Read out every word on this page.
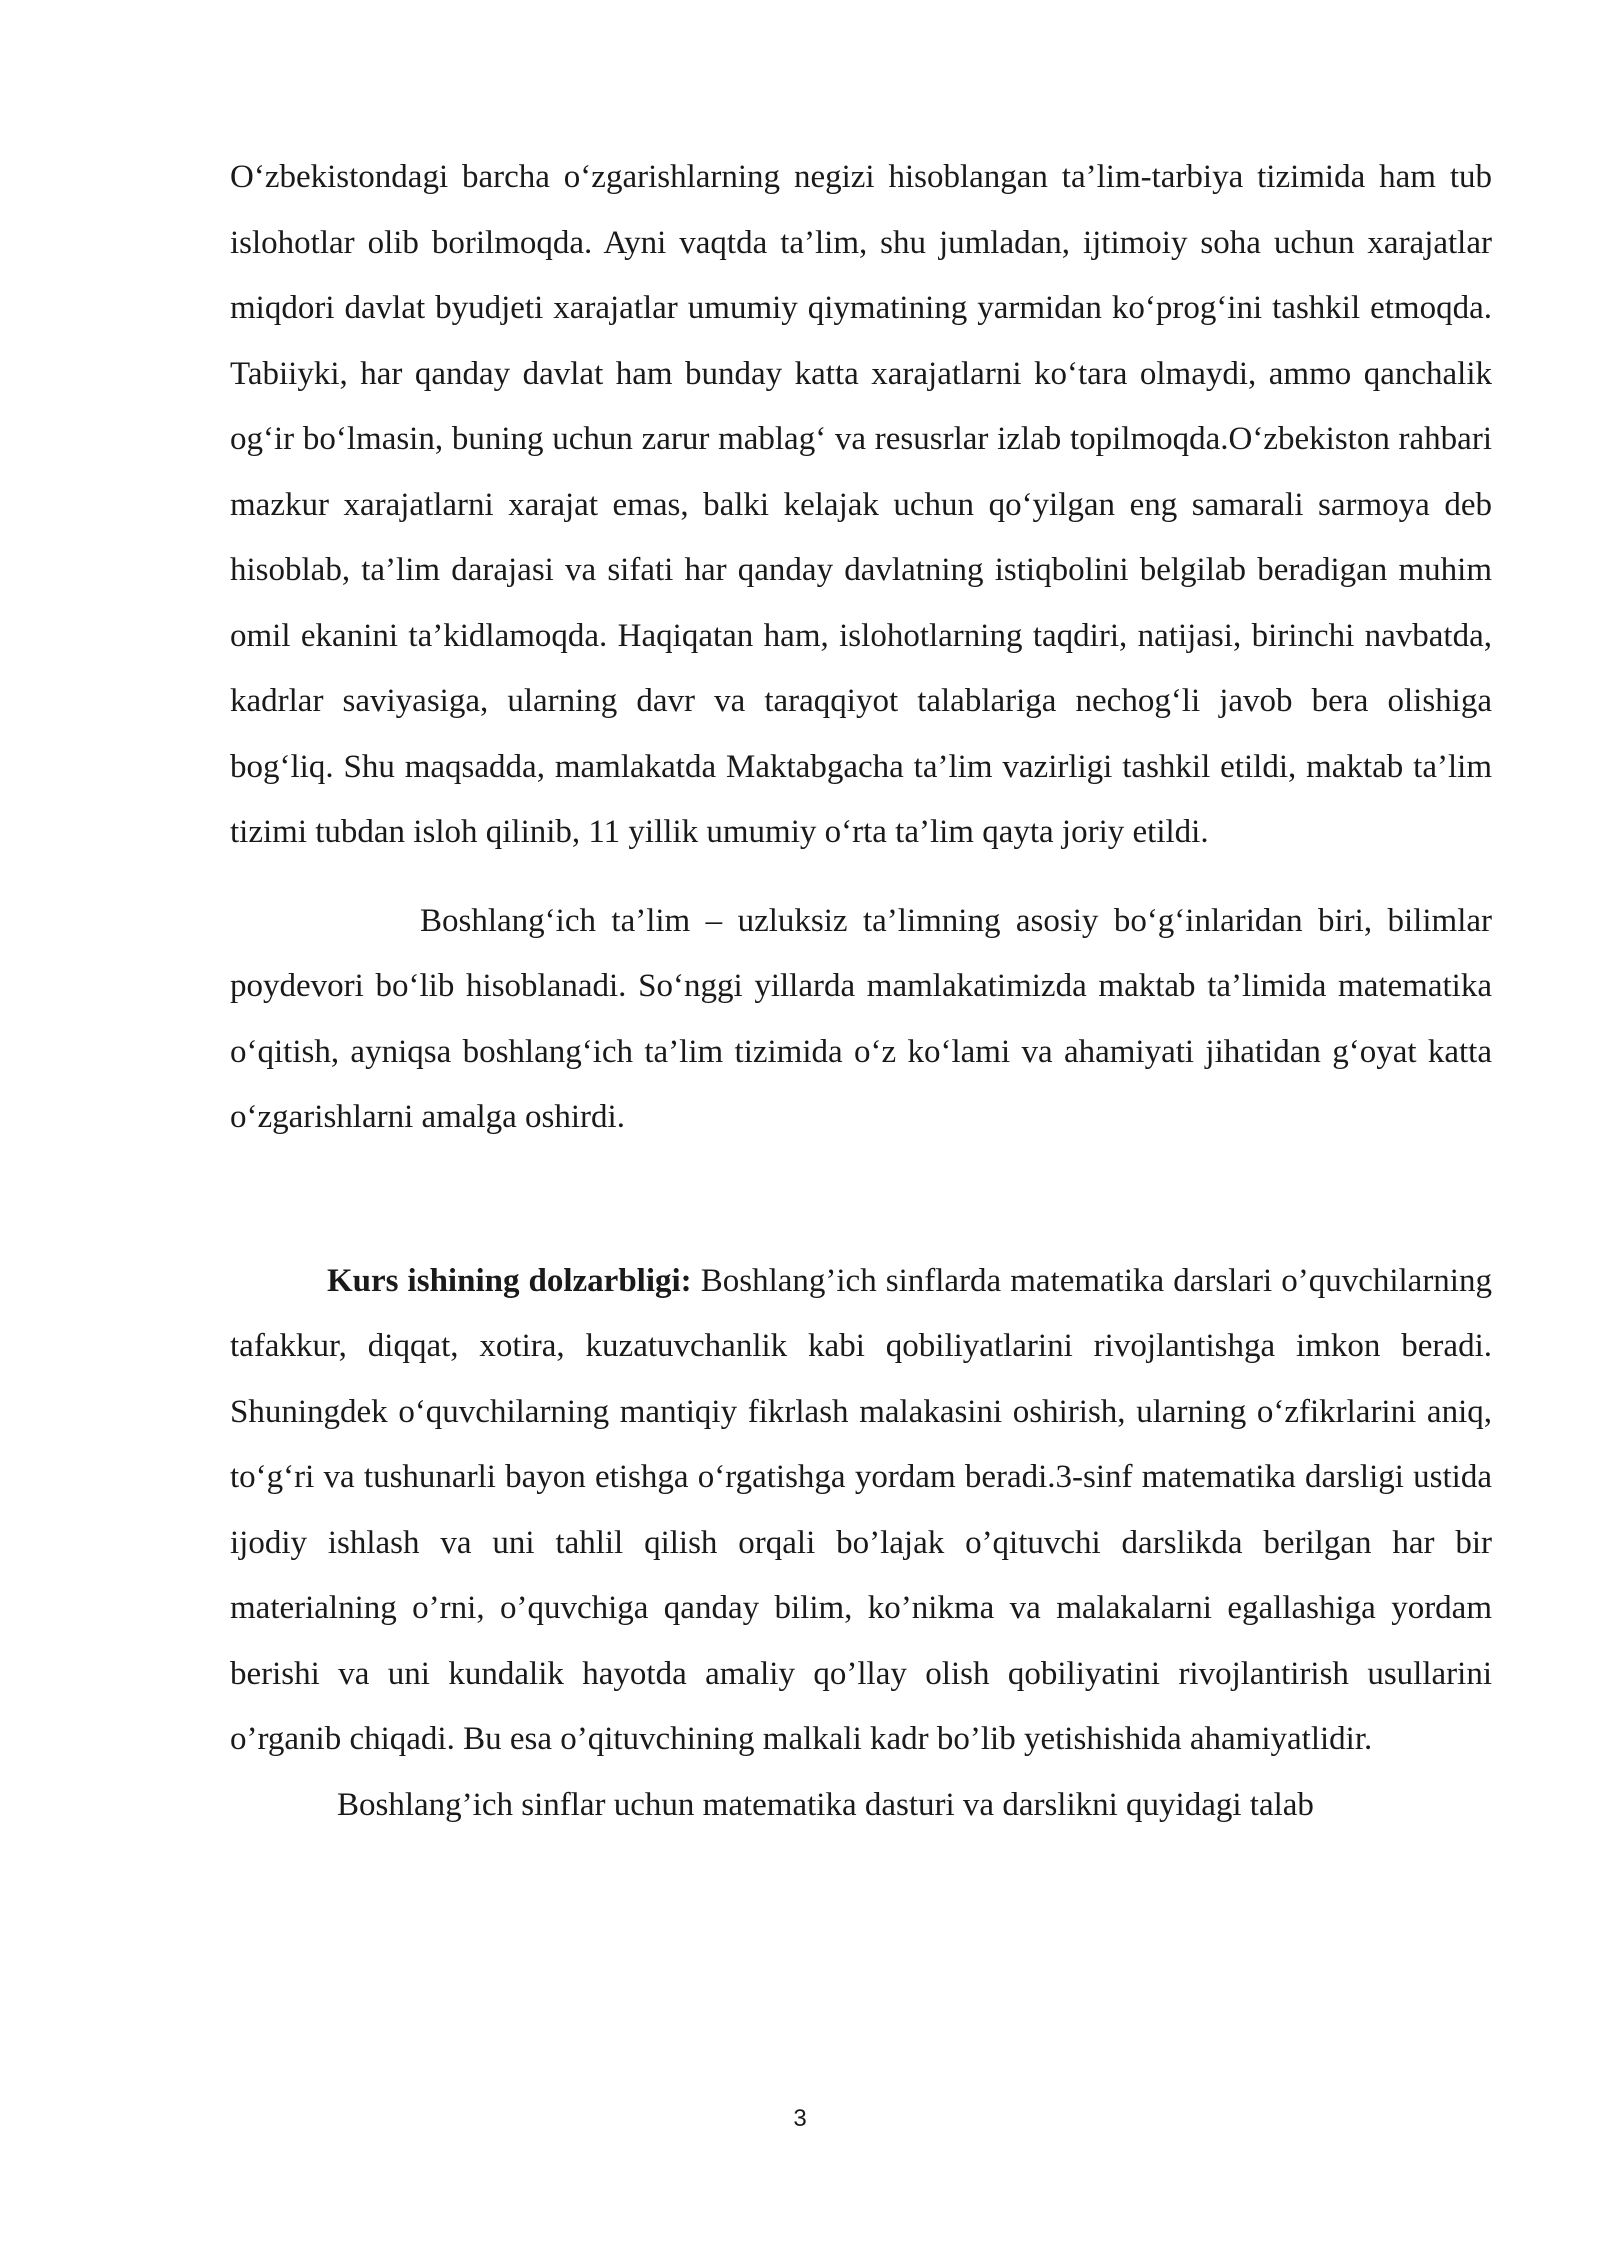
O‘zbekistondagi barcha o‘zgarishlarning negizi hisoblangan ta’lim-tarbiya tizimida ham tub islohotlar olib borilmoqda. Ayni vaqtda ta’lim, shu jumladan, ijtimoiy soha uchun xarajatlar miqdori davlat byudjeti xarajatlar umumiy qiymatining yarmidan ko‘prog‘ini tashkil etmoqda. Tabiiyki, har qanday davlat ham bunday katta xarajatlarni ko‘tara olmaydi, ammo qanchalik og‘ir bo‘lmasin, buning uchun zarur mablag‘ va resusrlar izlab topilmoqda.O‘zbekiston rahbari mazkur xarajatlarni xarajat emas, balki kelajak uchun qo‘yilgan eng samarali sarmoya deb hisoblab, ta’lim darajasi va sifati har qanday davlatning istiqbolini belgilab beradigan muhim omil ekanini ta’kidlamoqda. Haqiqatan ham, islohotlarning taqdiri, natijasi, birinchi navbatda, kadrlar saviyasiga, ularning davr va taraqqiyot talablariga nechog‘li javob bera olishiga bog‘liq. Shu maqsadda, mamlakatda Maktabgacha ta’lim vazirligi tashkil etildi, maktab ta’lim tizimi tubdan isloh qilinib, 11 yillik umumiy o‘rta ta’lim qayta joriy etildi.

Boshlang‘ich ta’lim – uzluksiz ta’limning asosiy bo‘g‘inlaridan biri, bilimlar poydevori bo‘lib hisoblanadi. So‘nggi yillarda mamlakatimizda maktab ta’limida matematika o‘qitish, ayniqsa boshlang‘ich ta’lim tizimida o‘z ko‘lami va ahamiyati jihatidan g‘oyat katta o‘zgarishlarni amalga oshirdi.

Kurs ishining dolzarbligi: Boshlang’ich sinflarda matematika darslari o’quvchilarning tafakkur, diqqat, xotira, kuzatuvchanlik kabi qobiliyatlarini rivojlantishga imkon beradi. Shuningdek o‘quvchilarning mantiqiy fikrlash malakasini oshirish, ularning o‘zfikrlarini aniq, to‘g‘ri va tushunarli bayon etishga o‘rgatishga yordam beradi.3-sinf matematika darsligi ustida ijodiy ishlash va uni tahlil qilish orqali bo’lajak o’qituvchi darslikda berilgan har bir materialning o’rni, o’quvchiga qanday bilim, ko’nikma va malakalarni egallashiga yordam berishi va uni kundalik hayotda amaliy qo’llay olish qobiliyatini rivojlantirish usullarini o’rganib chiqadi. Bu esa o’qituvchining malkali kadr bo’lib yetishishida ahamiyatlidir.

Boshlang’ich sinflar uchun matematika dasturi va darslikni quyidagi talab

3
